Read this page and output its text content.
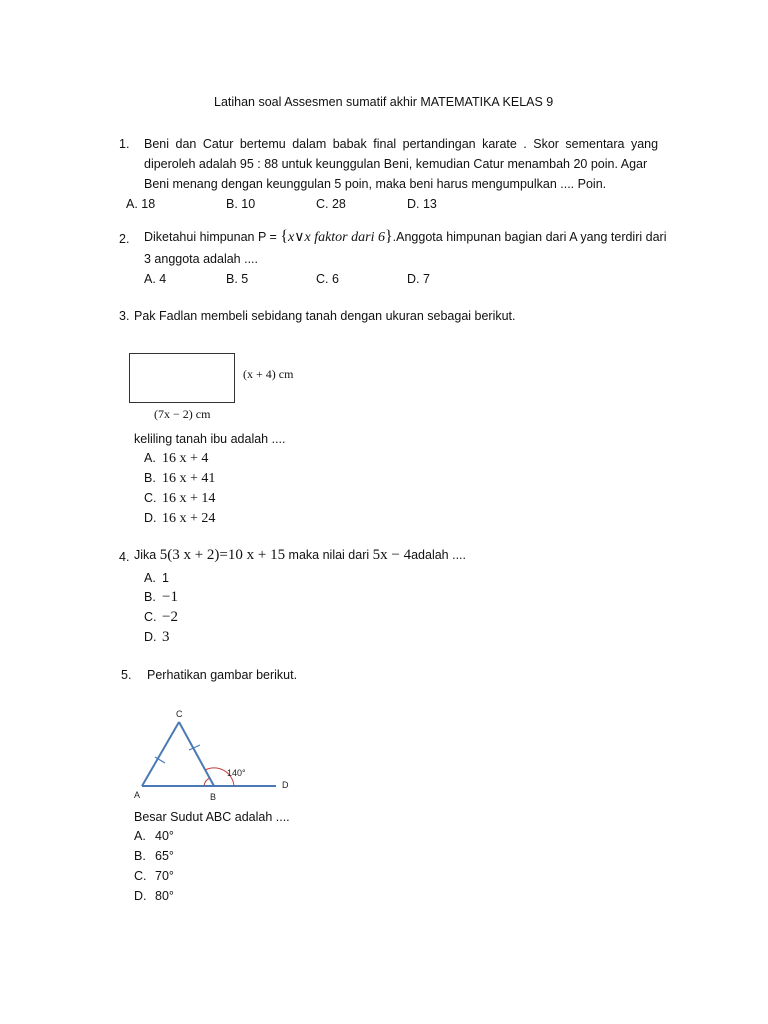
Latihan soal Assesmen sumatif akhir MATEMATIKA KELAS 9
1. Beni dan Catur bertemu dalam babak final pertandingan karate . Skor sementara yang
diperoleh adalah 95 : 88 untuk keunggulan Beni, kemudian Catur menambah 20 poin. Agar
Beni menang dengan keunggulan 5 poin, maka beni harus mengumpulkan .... Poin.
A. 18	B. 10	C. 28	D. 13
2. Diketahui himpunan P = {x∨x faktor dari 6}.Anggota himpunan bagian dari A yang terdiri dari
3 anggota adalah ....
A. 4	B. 5	C. 6	D. 7
3. Pak Fadlan membeli sebidang tanah dengan ukuran sebagai berikut.
(x + 4) cm
(7x − 2) cm
keliling tanah ibu adalah ....
A. 16 x + 4
B. 16 x + 41
C. 16 x + 14
D. 16 x + 24
4. Jika 5(3 x + 2)=10 x + 15 maka nilai dari 5x − 4adalah ....
A. 1
B. −1
C. −2
D. 3
5. Perhatikan gambar berikut.
C
A	B
D
140°
Besar Sudut ABC adalah ....
A. 40°
B. 65°
C. 70°
D. 80°
